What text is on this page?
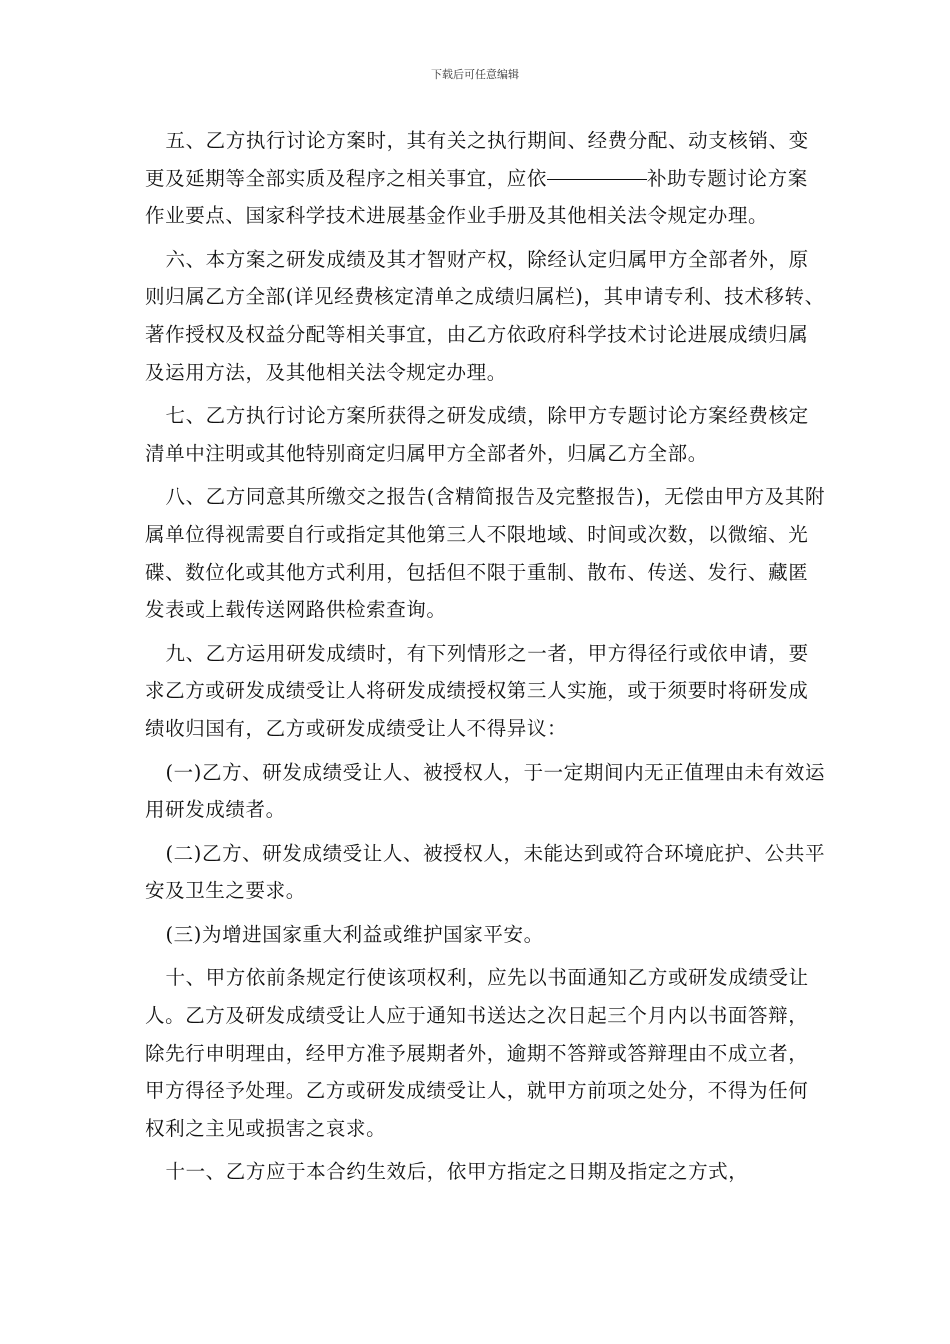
下载后可任意编辑

五、乙方执行讨论方案时，其有关之执行期间、经费分配、动支核销、变更及延期等全部实质及程序之相关事宜，应依	补助专题讨论方案作业要点、国家科学技术进展基金作业手册及其他相关法令规定办理。

六、本方案之研发成绩及其才智财产权，除经认定归属甲方全部者外，原则归属乙方全部(详见经费核定清单之成绩归属栏)，其申请专利、技术移转、著作授权及权益分配等相关事宜，由乙方依政府科学技术讨论进展成绩归属及运用方法，及其他相关法令规定办理。

七、乙方执行讨论方案所获得之研发成绩，除甲方专题讨论方案经费核定清单中注明或其他特别商定归属甲方全部者外，归属乙方全部。

八、乙方同意其所缴交之报告(含精简报告及完整报告)，无偿由甲方及其附属单位得视需要自行或指定其他第三人不限地域、时间或次数，以微缩、光碟、数位化或其他方式利用，包括但不限于重制、散布、传送、发行、藏匿发表或上载传送网路供检索查询。

九、乙方运用研发成绩时，有下列情形之一者，甲方得径行或依申请，要求乙方或研发成绩受让人将研发成绩授权第三人实施，或于须要时将研发成绩收归国有，乙方或研发成绩受让人不得异议：

(一)乙方、研发成绩受让人、被授权人，于一定期间内无正值理由未有效运用研发成绩者。

(二)乙方、研发成绩受让人、被授权人，未能达到或符合环境庇护、公共平安及卫生之要求。

(三)为增进国家重大利益或维护国家平安。

十、甲方依前条规定行使该项权利，应先以书面通知乙方或研发成绩受让人。乙方及研发成绩受让人应于通知书送达之次日起三个月内以书面答辩，除先行申明理由，经甲方准予展期者外，逾期不答辩或答辩理由不成立者，甲方得径予处理。乙方或研发成绩受让人，就甲方前项之处分，不得为任何权利之主见或损害之哀求。

十一、乙方应于本合约生效后，依甲方指定之日期及指定之方式，
